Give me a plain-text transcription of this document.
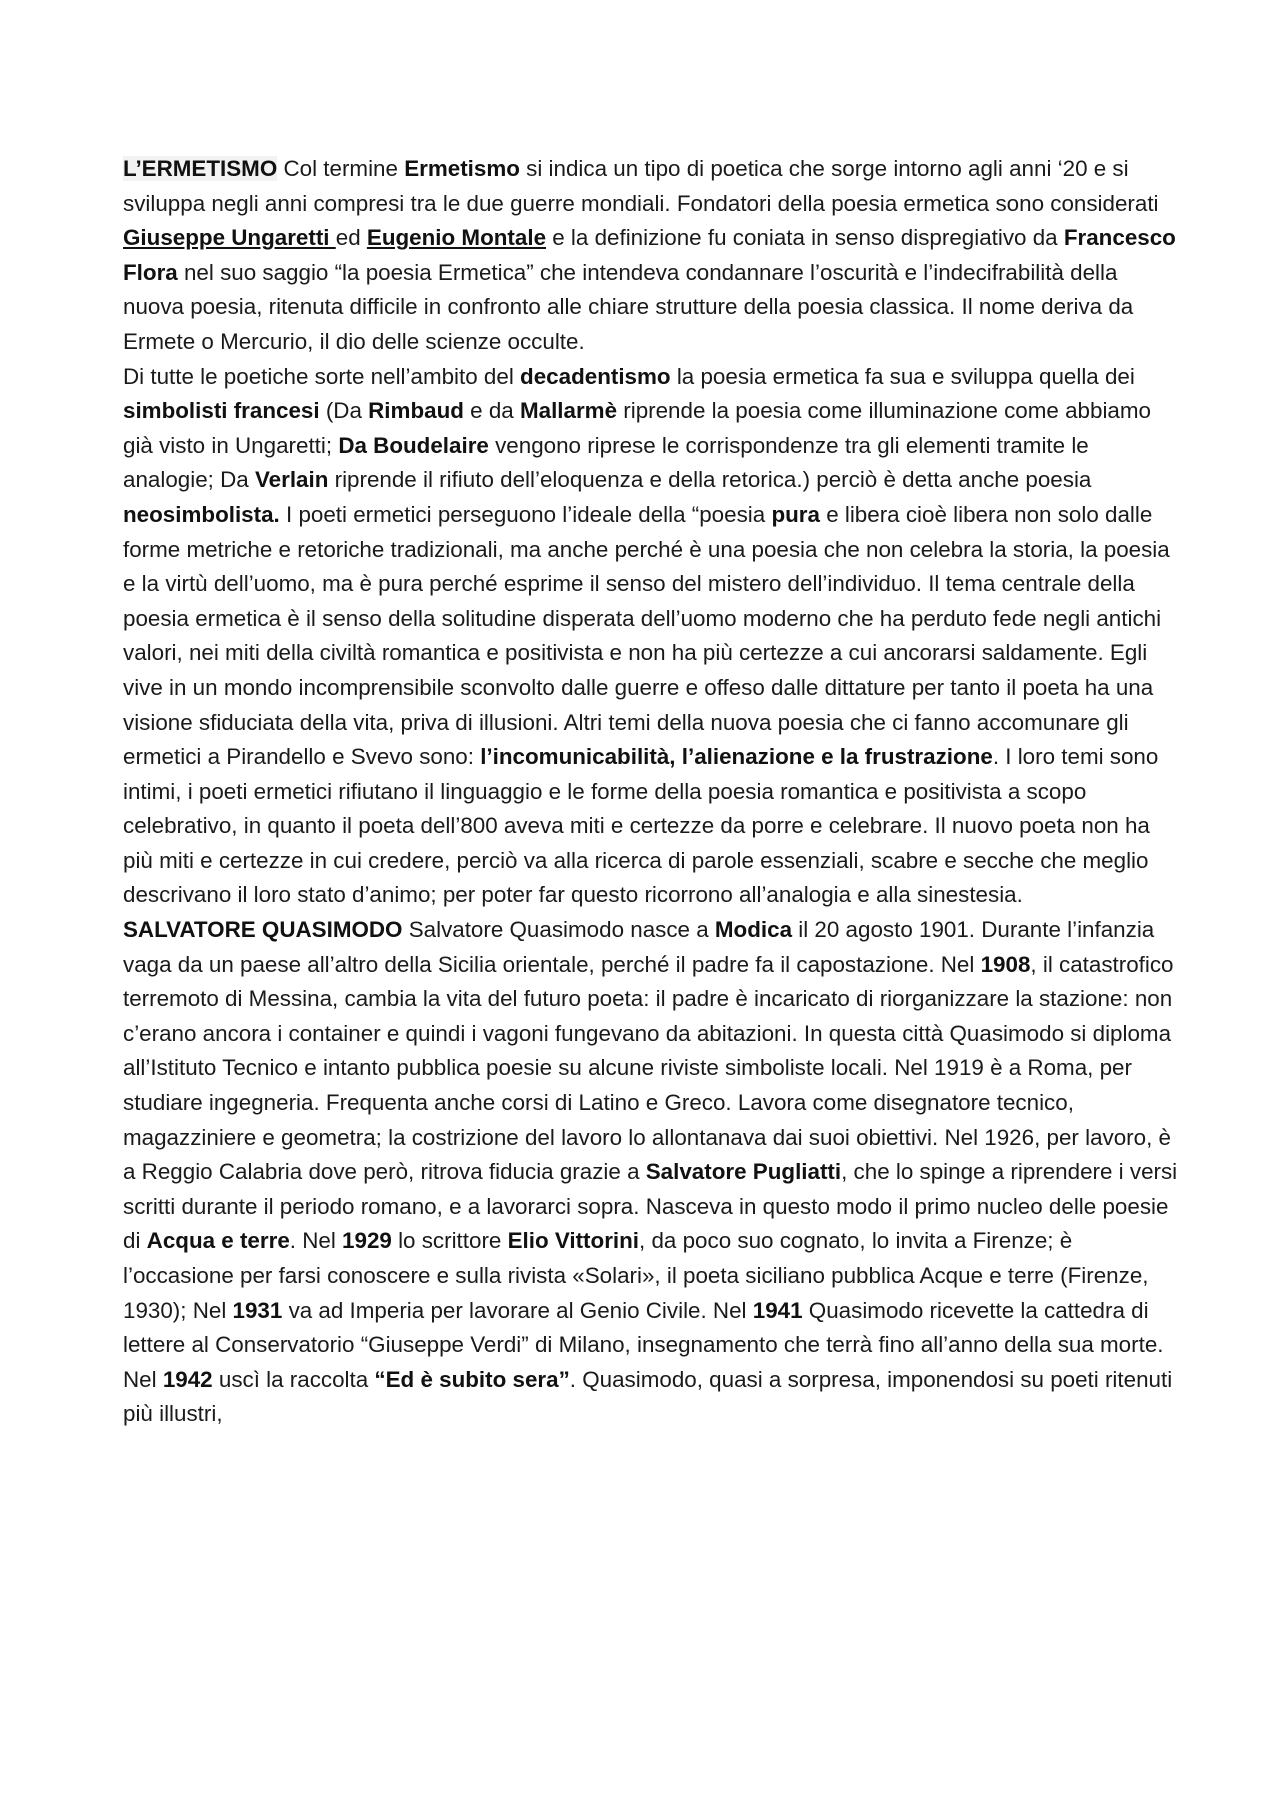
L’ERMETISMO Col termine Ermetismo si indica un tipo di poetica che sorge intorno agli anni ‘20 e si sviluppa negli anni compresi tra le due guerre mondiali. Fondatori della poesia ermetica sono considerati Giuseppe Ungaretti ed Eugenio Montale e la definizione fu coniata in senso dispregiativo da Francesco Flora nel suo saggio “la poesia Ermetica” che intendeva condannare l’oscurità e l’indecifrabilità della nuova poesia, ritenuta difficile in confronto alle chiare strutture della poesia classica. Il nome deriva da Ermete o Mercurio, il dio delle scienze occulte.

Di tutte le poetiche sorte nell’ambito del decadentismo la poesia ermetica fa sua e sviluppa quella dei simbolisti francesi (Da Rimbaud e da Mallarmè riprende la poesia come illuminazione come abbiamo già visto in Ungaretti; Da Boudelaire vengono riprese le corrispondenze tra gli elementi tramite le analogie; Da Verlain riprende il rifiuto dell’eloquenza e della retorica.) perciò è detta anche poesia neosimbolista. I poeti ermetici perseguono l’ideale della “poesia pura e libera cioè libera non solo dalle forme metriche e retoriche tradizionali, ma anche perché è una poesia che non celebra la storia, la poesia e la virtù dell’uomo, ma è pura perché esprime il senso del mistero dell’individuo. Il tema centrale della poesia ermetica è il senso della solitudine disperata dell’uomo moderno che ha perduto fede negli antichi valori, nei miti della civiltà romantica e positivista e non ha più certezze a cui ancorarsi saldamente. Egli vive in un mondo incomprensibile sconvolto dalle guerre e offeso dalle dittature per tanto il poeta ha una visione sfiduciata della vita, priva di illusioni. Altri temi della nuova poesia che ci fanno accomunare gli ermetici a Pirandello e Svevo sono: l’incomunicabilità, l’alienazione e la frustrazione. I loro temi sono intimi, i poeti ermetici rifiutano il linguaggio e le forme della poesia romantica e positivista a scopo celebrativo, in quanto il poeta dell’800 aveva miti e certezze da porre e celebrare. Il nuovo poeta non ha più miti e certezze in cui credere, perciò va alla ricerca di parole essenziali, scabre e secche che meglio descrivano il loro stato d’animo; per poter far questo ricorrono all’analogia e alla sinestesia.

SALVATORE QUASIMODO Salvatore Quasimodo nasce a Modica il 20 agosto 1901. Durante l’infanzia vaga da un paese all’altro della Sicilia orientale, perché il padre fa il capostazione. Nel 1908, il catastrofico terremoto di Messina, cambia la vita del futuro poeta: il padre è incaricato di riorganizzare la stazione: non c’erano ancora i container e quindi i vagoni fungevano da abitazioni. In questa città Quasimodo si diploma all’Istituto Tecnico e intanto pubblica poesie su alcune riviste simboliste locali. Nel 1919 è a Roma, per studiare ingegneria. Frequenta anche corsi di Latino e Greco. Lavora come disegnatore tecnico, magazziniere e geometra; la costrizione del lavoro lo allontanava dai suoi obiettivi. Nel 1926, per lavoro, è a Reggio Calabria dove però, ritrova fiducia grazie a Salvatore Pugliatti, che lo spinge a riprendere i versi scritti durante il periodo romano, e a lavorarci sopra. Nasceva in questo modo il primo nucleo delle poesie di Acqua e terre. Nel 1929 lo scrittore Elio Vittorini, da poco suo cognato, lo invita a Firenze; è l’occasione per farsi conoscere e sulla rivista «Solari», il poeta siciliano pubblica Acque e terre (Firenze, 1930); Nel 1931 va ad Imperia per lavorare al Genio Civile. Nel 1941 Quasimodo ricevette la cattedra di lettere al Conservatorio “Giuseppe Verdi” di Milano, insegnamento che terrà fino all’anno della sua morte. Nel 1942 uscì la raccolta “Ed è subito sera”. Quasimodo, quasi a sorpresa, imponendosi su poeti ritenuti più illustri,
